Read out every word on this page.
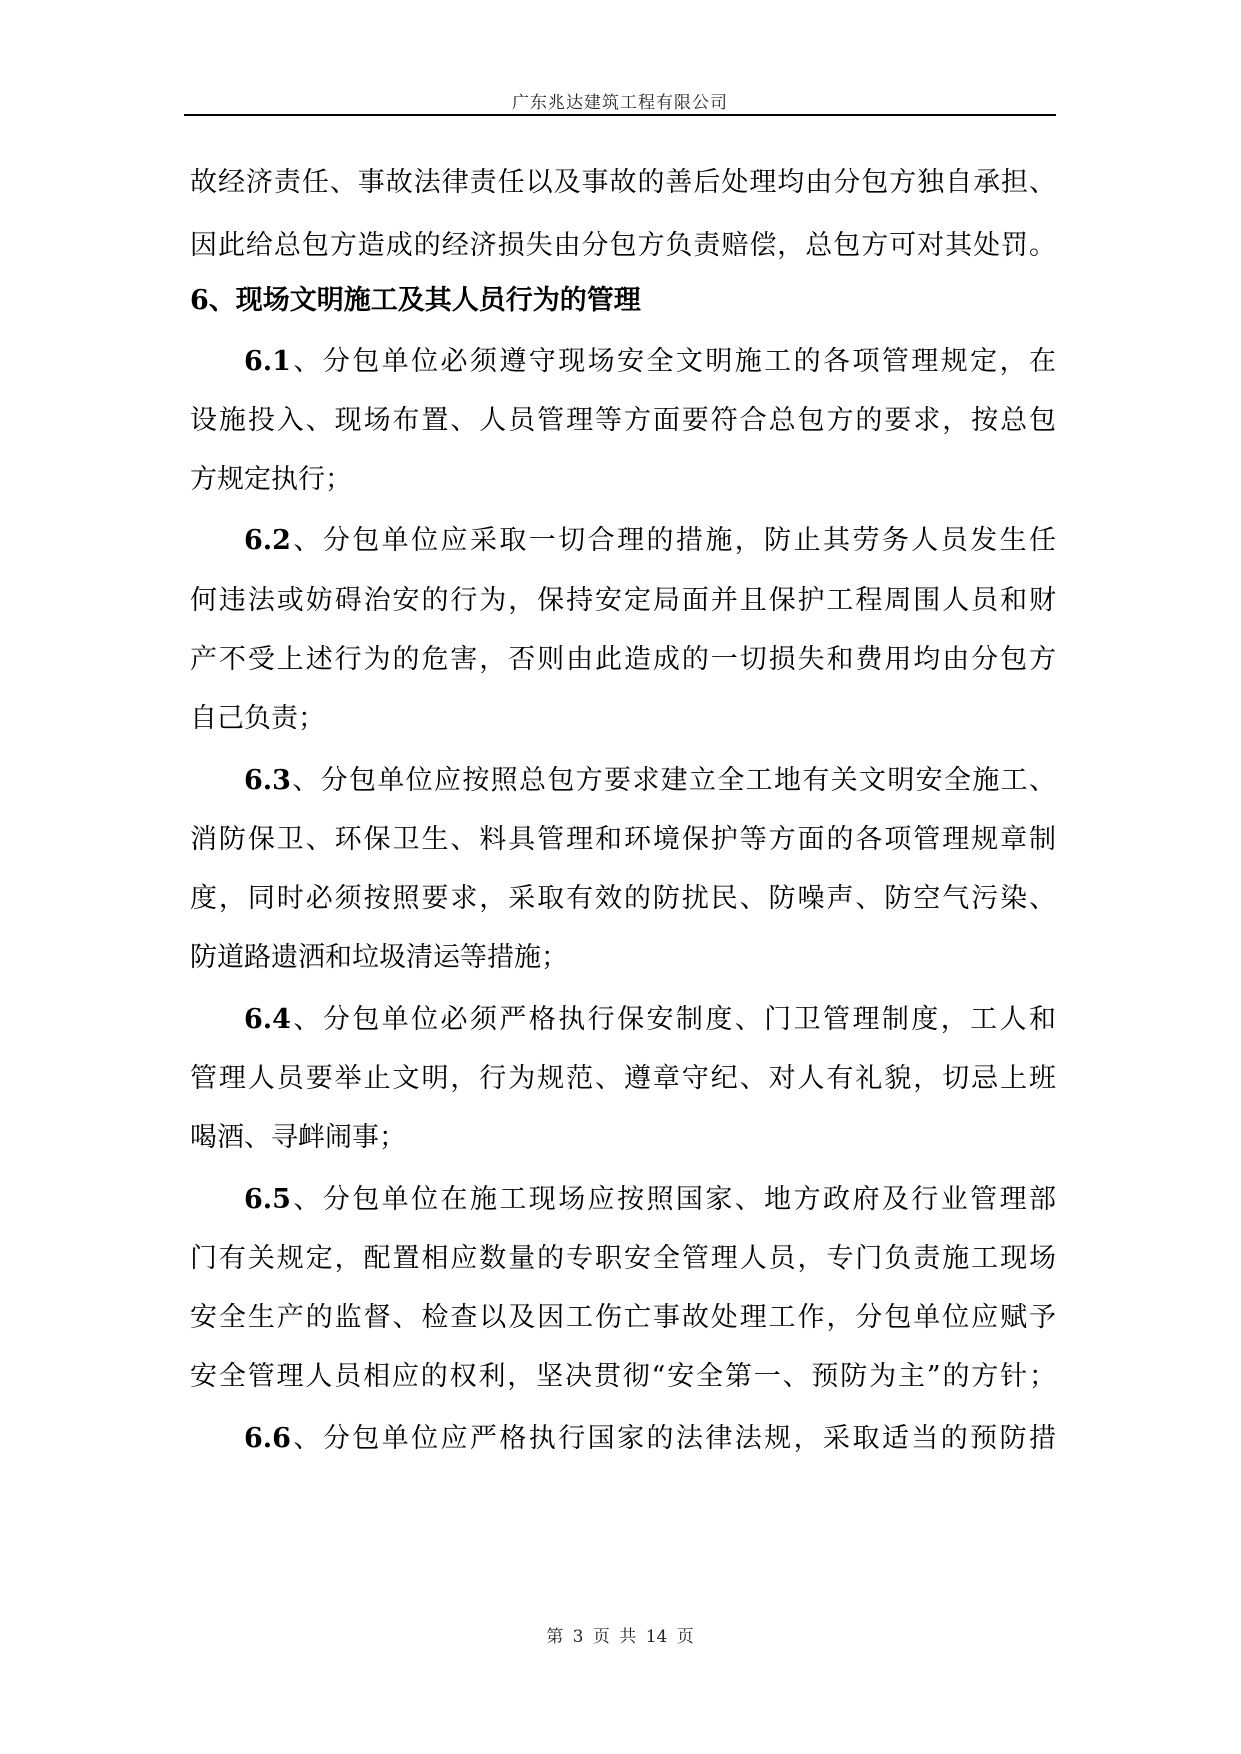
广东兆达建筑工程有限公司
故经济责任、事故法律责任以及事故的善后处理均由分包方独自承担、
因此给总包方造成的经济损失由分包方负责赔偿，总包方可对其处罚。
6、现场文明施工及其人员行为的管理
6.1、分包单位必须遵守现场安全文明施工的各项管理规定，在
设施投入、现场布置、人员管理等方面要符合总包方的要求，按总包
方规定执行；
6.2、分包单位应采取一切合理的措施，防止其劳务人员发生任
何违法或妨碍治安的行为，保持安定局面并且保护工程周围人员和财
产不受上述行为的危害，否则由此造成的一切损失和费用均由分包方
自己负责；
6.3、分包单位应按照总包方要求建立全工地有关文明安全施工、
消防保卫、环保卫生、料具管理和环境保护等方面的各项管理规章制
度，同时必须按照要求，采取有效的防扰民、防噪声、防空气污染、
防道路遗洒和垃圾清运等措施；
6.4、分包单位必须严格执行保安制度、门卫管理制度，工人和
管理人员要举止文明，行为规范、遵章守纪、对人有礼貌，切忌上班
喝酒、寻衅闹事；
6.5、分包单位在施工现场应按照国家、地方政府及行业管理部
门有关规定，配置相应数量的专职安全管理人员，专门负责施工现场
安全生产的监督、检查以及因工伤亡事故处理工作，分包单位应赋予
安全管理人员相应的权利，坚决贯彻“安全第一、预防为主”的方针；
6.6、分包单位应严格执行国家的法律法规，采取适当的预防措
第 3 页 共 14 页
